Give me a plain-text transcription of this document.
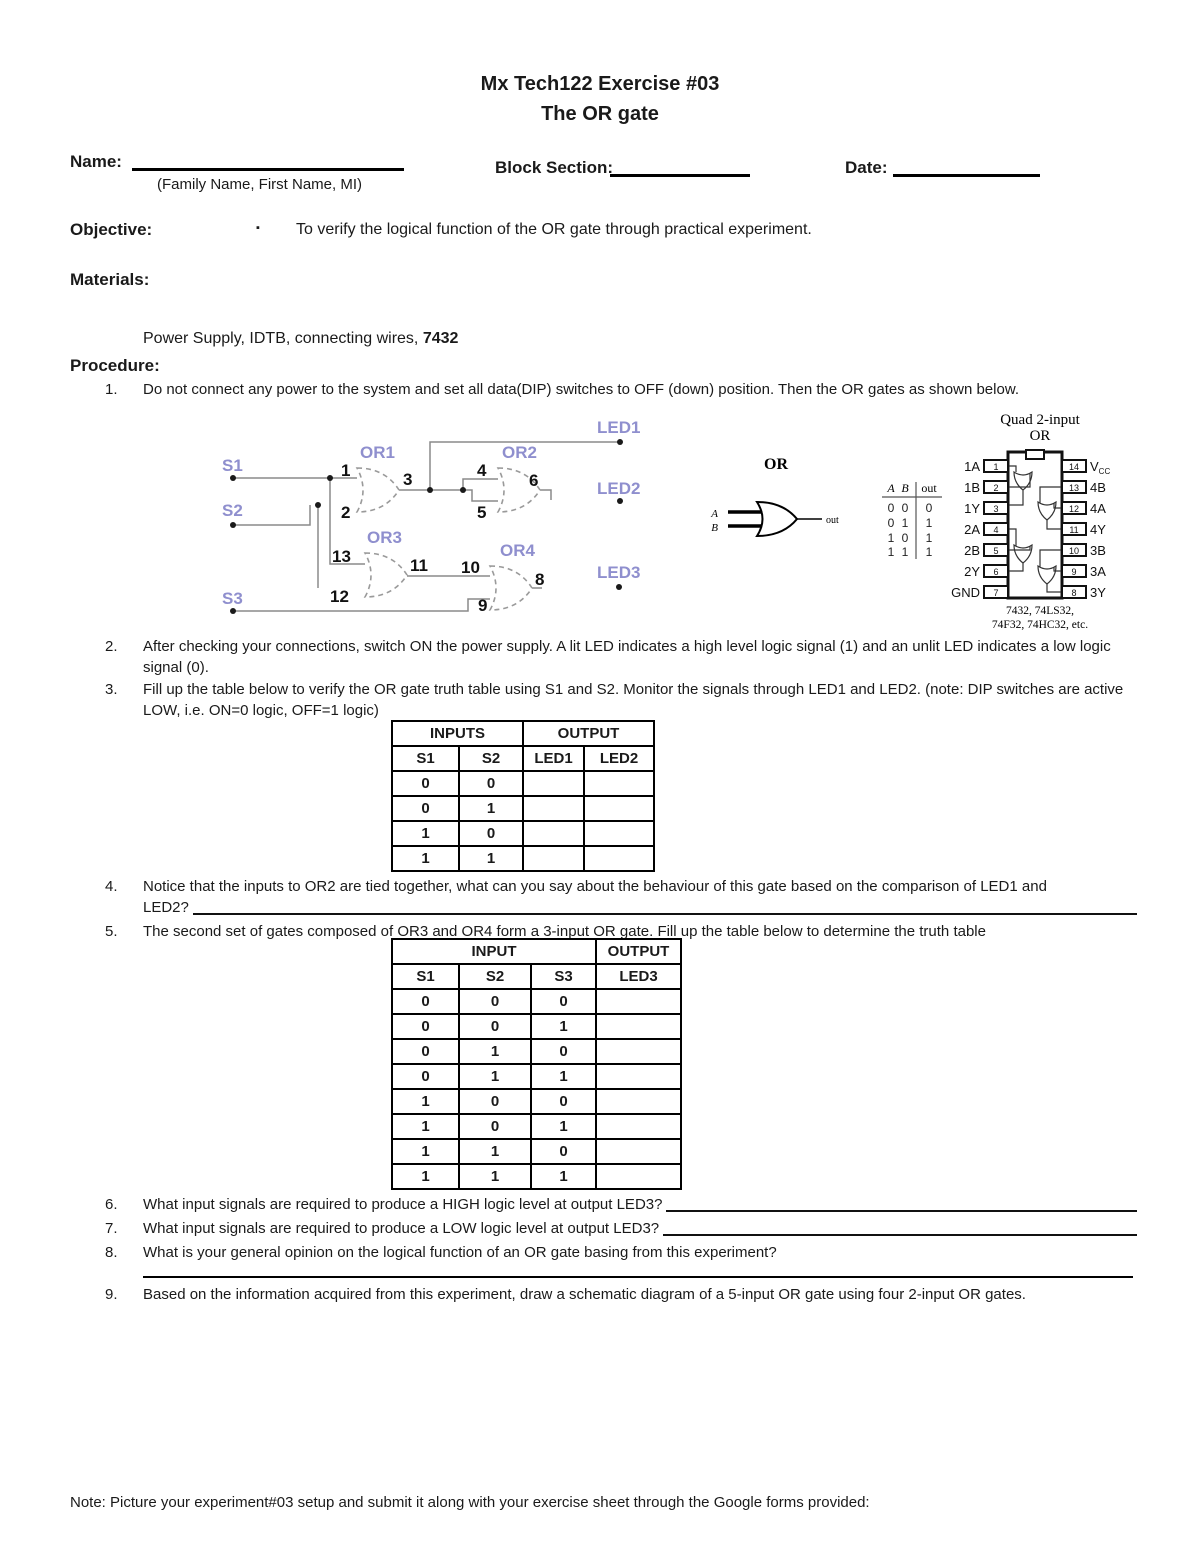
Mx Tech122 Exercise #03
The OR gate
Name:
(Family Name, First Name, MI)
Block Section:	Date:
Objective:	▪ To verify the logical function of the OR gate through practical experiment.
Materials:
Power Supply, IDTB, connecting wires, 7432
Procedure:
1.	Do not connect any power to the system and set all data(DIP) switches to OFF (down) position. Then the OR gates as shown below.
S1
S2
S3
OR1	OR2
OR3
OR4
LED1
LED2
LED3
1
2
3	4
5
6
13
12
11 10
9
8
OR
A
B
out
A B out
0 0 0
0 1 1
1 0 1
1 1 1
Quad 2-input
OR
1
2
3
4
5
6
7
1A
1B
1Y
2A
2B
2Y
GND
14
13
12
11
10
9
8
$V_{CC}$
4B
4A
4Y
3B
3A
3Y
7432, 74LS32,
74F32, 74HC32, etc.
2.	After checking your connections, switch ON the power supply. A lit LED indicates a high level logic signal (1) and an unlit LED indicates a low logic signal (0).
3.	Fill up the table below to verify the OR gate truth table using S1 and S2. Monitor the signals through LED1 and LED2. (note: DIP switches are active LOW, i.e. ON=0 logic, OFF=1 logic)
INPUTS		OUTPUT	
S1	S2	LED1	LED2
0	0		
0	1		
1	0		
1	1		
4.	Notice that the inputs to OR2 are tied together, what can you say about the behaviour of this gate based on the comparison of LED1 and
LED2?
5.	The second set of gates composed of OR3 and OR4 form a 3-input OR gate. Fill up the table below to determine the truth table
INPUT			OUTPUT
S1	S2	S3	LED3
0	0	0	
0	0	1	
0	1	0	
0	1	1	
1	0	0	
1	0	1	
1	1	0	
1	1	1	
6.	What input signals are required to produce a HIGH logic level at output LED3?
7.	What input signals are required to produce a LOW logic level at output LED3?
8.	What is your general opinion on the logical function of an OR gate basing from this experiment?
9.	Based on the information acquired from this experiment, draw a schematic diagram of a 5-input OR gate using four 2-input OR gates.
Note: Picture your experiment#03 setup and submit it along with your exercise sheet through the Google forms provided:
